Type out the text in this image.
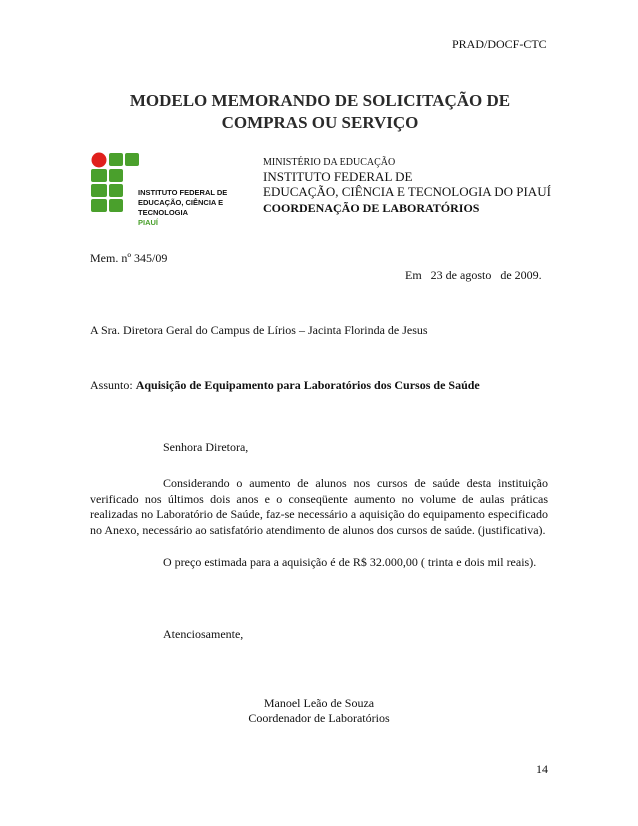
PRAD/DOCF-CTC
MODELO MEMORANDO DE SOLICITAÇÃO DE
COMPRAS OU SERVIÇO
INSTITUTO FEDERAL DE
EDUCAÇÃO, CIÊNCIA E TECNOLOGIA
PIAUÍ
MINISTÉRIO DA EDUCAÇÃO
INSTITUTO FEDERAL DE
EDUCAÇÃO, CIÊNCIA E TECNOLOGIA DO PIAUÍ
COORDENAÇÃO DE LABORATÓRIOS
Mem. nº 345/09
Em   23 de agosto   de 2009.
A Sra. Diretora Geral do Campus de Lírios – Jacinta Florinda de Jesus
Assunto: Aquisição de Equipamento para Laboratórios dos Cursos de Saúde
Senhora Diretora,
Considerando o aumento de alunos nos cursos de saúde desta instituição verificado nos últimos dois anos e o conseqüente aumento no volume de aulas práticas realizadas no Laboratório de Saúde, faz-se necessário a aquisição do equipamento especificado no Anexo, necessário ao satisfatório atendimento de alunos dos cursos de saúde. (justificativa).
O preço estimada para a aquisição é de R$ 32.000,00 ( trinta e dois mil reais).
Atenciosamente,
Manoel Leão de Souza
Coordenador de Laboratórios
14
